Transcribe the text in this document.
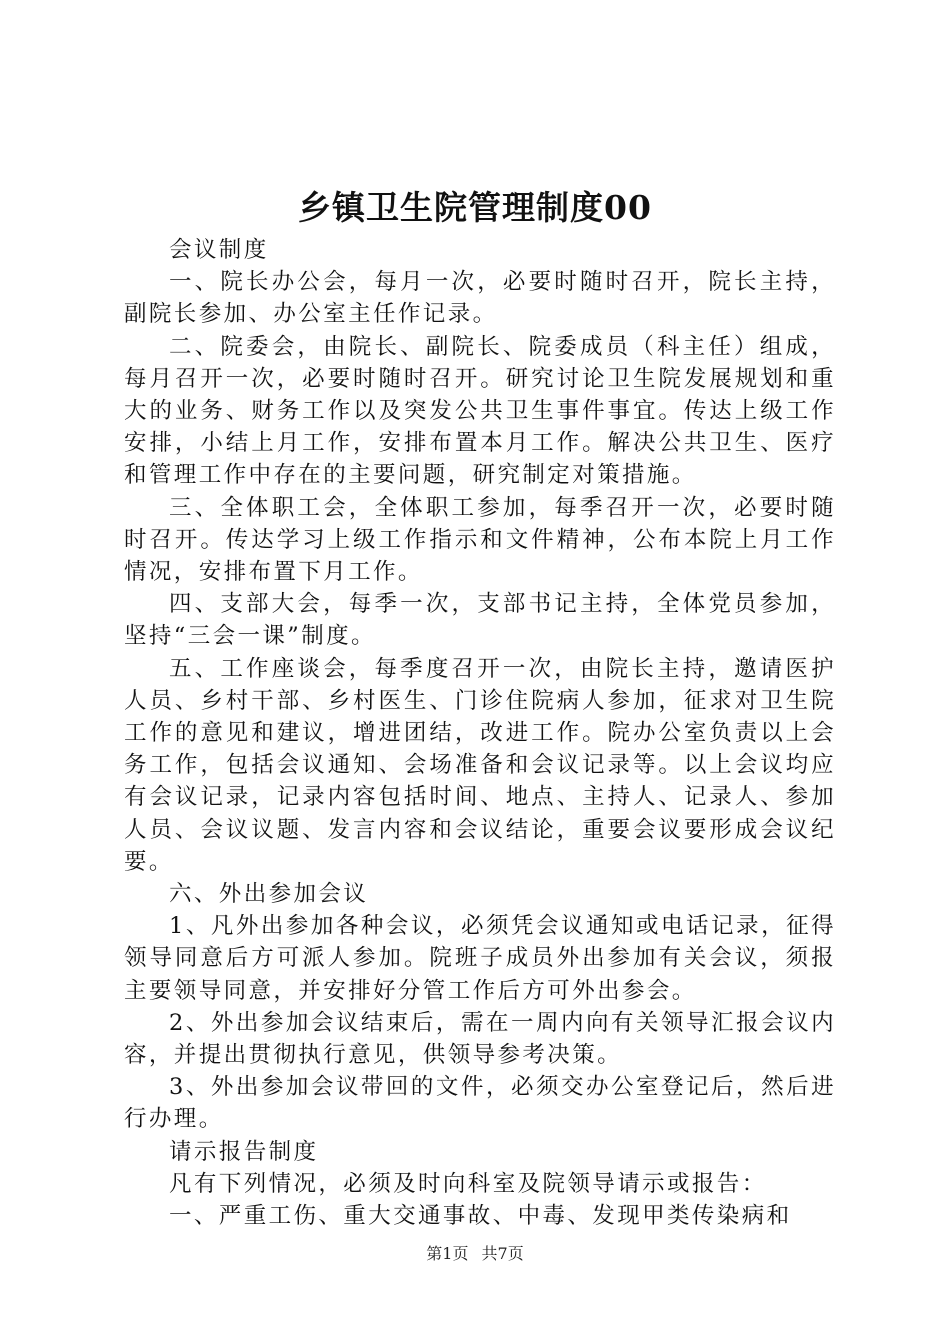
乡镇卫生院管理制度00

会议制度

一、院长办公会，每月一次，必要时随时召开，院长主持，副院长参加、办公室主任作记录。

二、院委会，由院长、副院长、院委成员（科主任）组成，每月召开一次，必要时随时召开。研究讨论卫生院发展规划和重大的业务、财务工作以及突发公共卫生事件事宜。传达上级工作安排，小结上月工作，安排布置本月工作。解决公共卫生、医疗和管理工作中存在的主要问题，研究制定对策措施。

三、全体职工会，全体职工参加，每季召开一次，必要时随时召开。传达学习上级工作指示和文件精神，公布本院上月工作情况，安排布置下月工作。

四、支部大会，每季一次，支部书记主持，全体党员参加，坚持“三会一课”制度。

五、工作座谈会，每季度召开一次，由院长主持，邀请医护人员、乡村干部、乡村医生、门诊住院病人参加，征求对卫生院工作的意见和建议，增进团结，改进工作。院办公室负责以上会务工作，包括会议通知、会场准备和会议记录等。以上会议均应有会议记录，记录内容包括时间、地点、主持人、记录人、参加人员、会议议题、发言内容和会议结论，重要会议要形成会议纪要。

六、外出参加会议

1、凡外出参加各种会议，必须凭会议通知或电话记录，征得领导同意后方可派人参加。院班子成员外出参加有关会议，须报主要领导同意，并安排好分管工作后方可外出参会。

2、外出参加会议结束后，需在一周内向有关领导汇报会议内容，并提出贯彻执行意见，供领导参考决策。

3、外出参加会议带回的文件，必须交办公室登记后，然后进行办理。

请示报告制度

凡有下列情况，必须及时向科室及院领导请示或报告：

一、严重工伤、重大交通事故、中毒、发现甲类传染病和

第1页 共7页
